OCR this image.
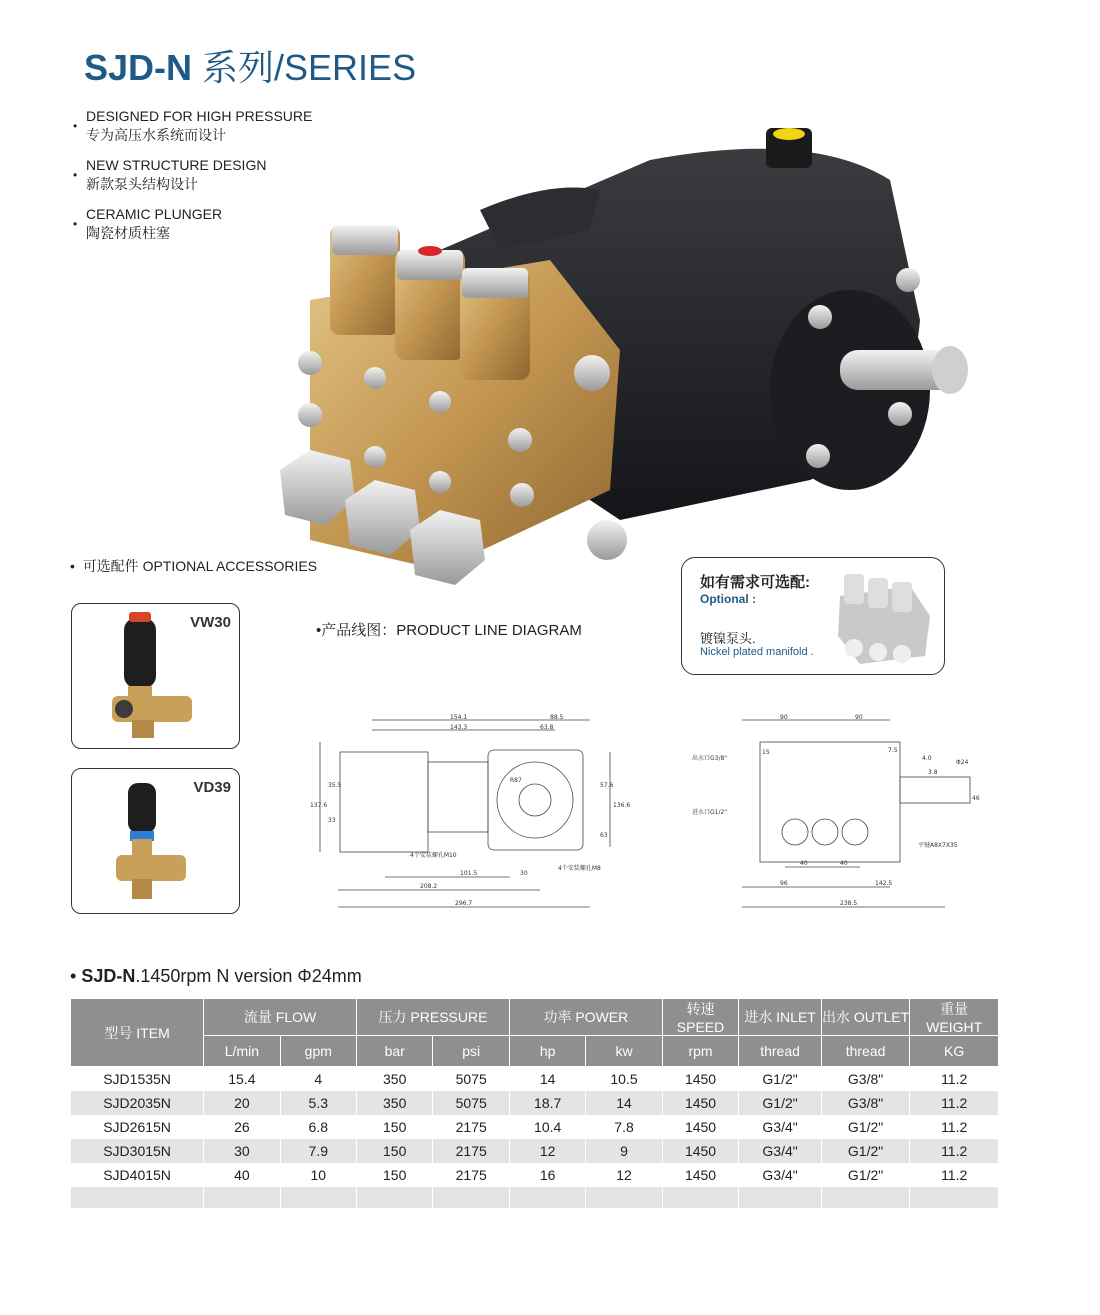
SJD-N 系列/SERIES
•
DESIGNED FOR HIGH PRESSURE
专为高压水系统而设计
•
NEW STRUCTURE DESIGN
新款泵头结构设计
•
CERAMIC PLUNGER
陶瓷材质柱塞
•  可选配件 OPTIONAL ACCESSORIES
VW30
VD39
如有需求可选配:
Optional :
镀镍泵头.
Nickel plated manifold .
•产品线图：PRODUCT LINE DIAGRAM
154.1	88.5
143.3	63.8
137.6
35.5
33
57.6
136.6
63
4个安装螺孔M10
4个安装螺孔M8
101.5	30
208.2
296.7
R87
90	90
出水口G3/8"
进水口G1/2"
15	7.5
4.0
3.8
Φ24
46
平键A8X7X35
40	40
96	142.5
238.5
• SJD-N.1450rpm N version Φ24mm
型号 ITEM	流量 FLOW		压力 PRESSURE		功率 POWER		转速 SPEED	进水 INLET	出水 OUTLET	重量 WEIGHT
	L/min	gpm	bar	psi	hp	kw	rpm	thread	thread	KG
SJD1535N	15.4	4	350	5075	14	10.5	1450	G1/2"	G3/8"	11.2
SJD2035N	20	5.3	350	5075	18.7	14	1450	G1/2"	G3/8"	11.2
SJD2615N	26	6.8	150	2175	10.4	7.8	1450	G3/4"	G1/2"	11.2
SJD3015N	30	7.9	150	2175	12	9	1450	G3/4"	G1/2"	11.2
SJD4015N	40	10	150	2175	16	12	1450	G3/4"	G1/2"	11.2
